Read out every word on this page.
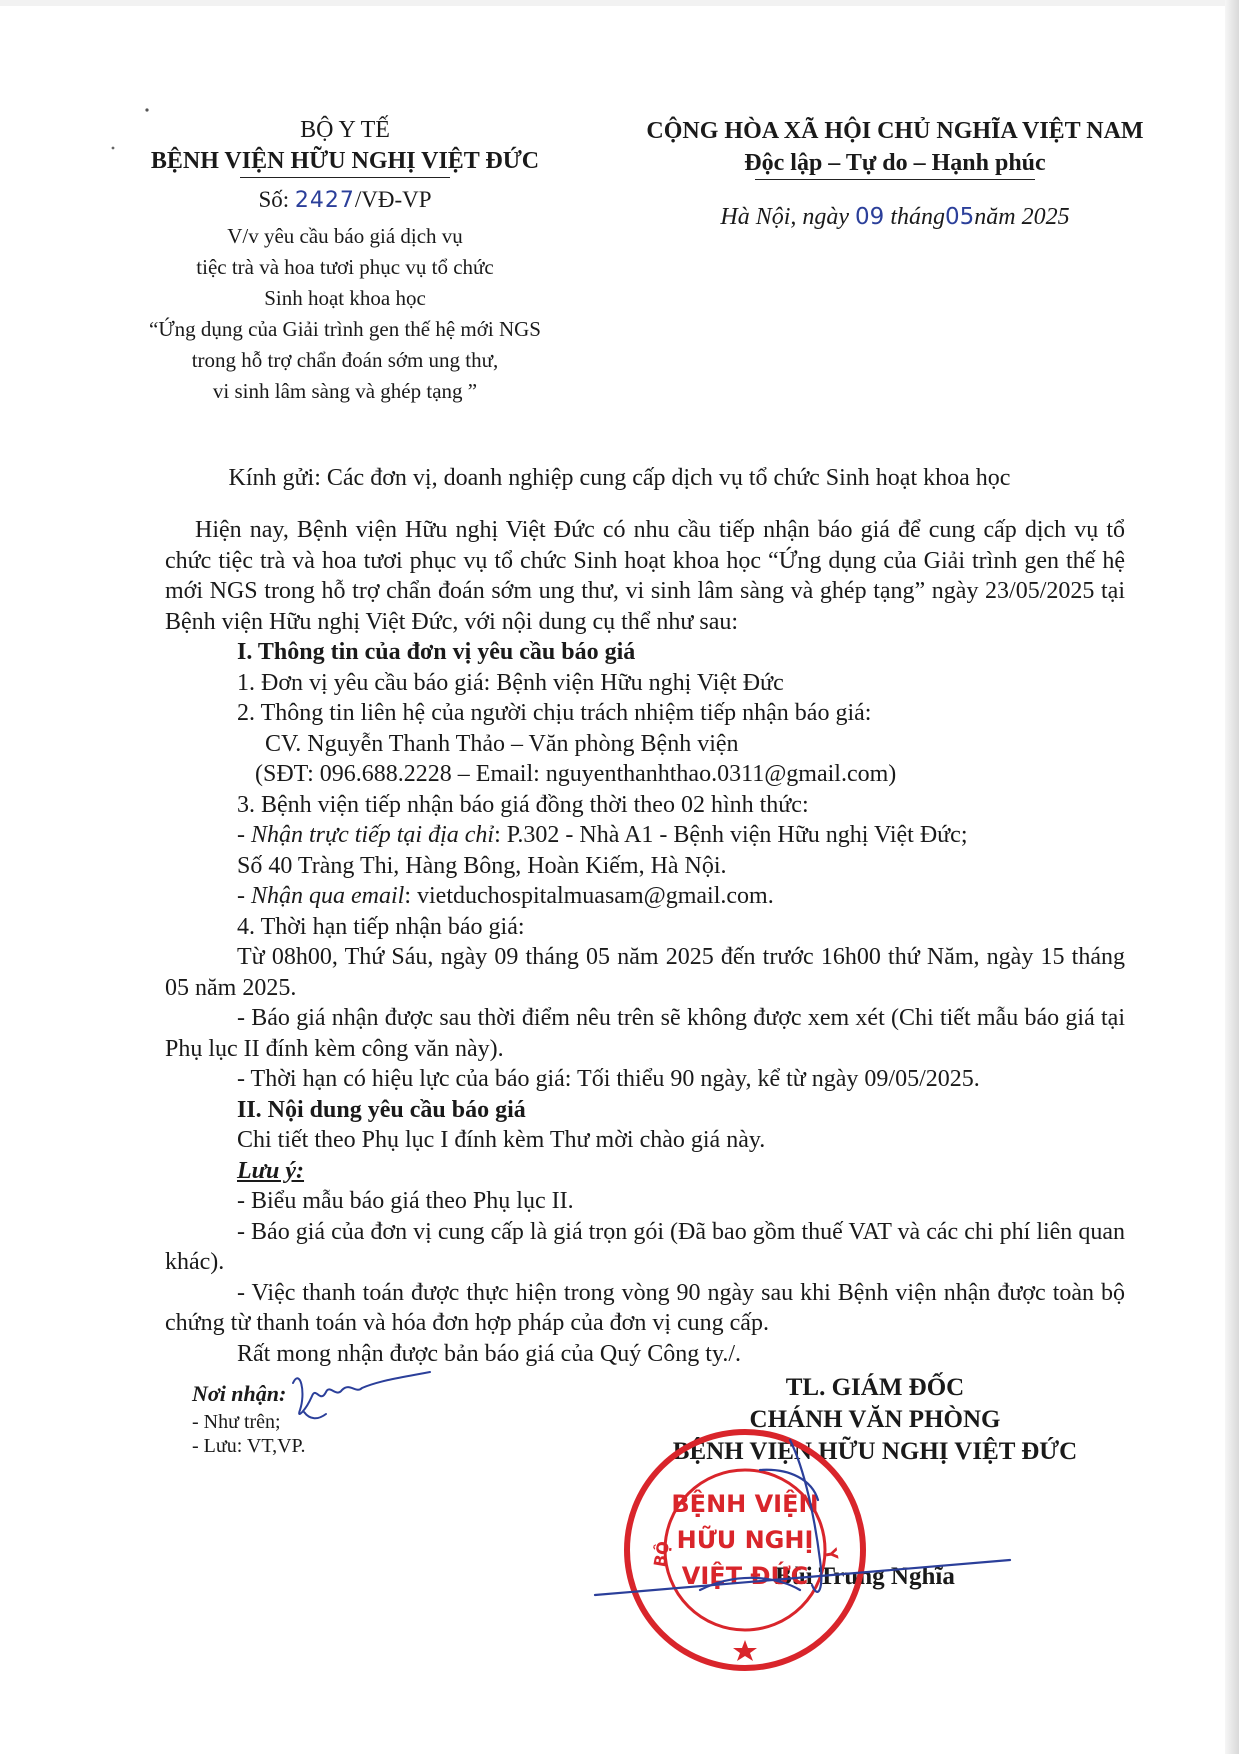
BỘ Y TẾ
BỆNH VIỆN HỮU NGHỊ VIỆT ĐỨC
Số: 2427/VĐ-VP
V/v yêu cầu báo giá dịch vụ
tiệc trà và hoa tươi phục vụ tổ chức
Sinh hoạt khoa học
“Ứng dụng của Giải trình gen thế hệ mới NGS
trong hỗ trợ chẩn đoán sớm ung thư,
vi sinh lâm sàng và ghép tạng ”
CỘNG HÒA XÃ HỘI CHỦ NGHĨA VIỆT NAM
Độc lập – Tự do – Hạnh phúc
Hà Nội, ngày 09 tháng05năm 2025
Kính gửi: Các đơn vị, doanh nghiệp cung cấp dịch vụ tổ chức Sinh hoạt khoa học

Hiện nay, Bệnh viện Hữu nghị Việt Đức có nhu cầu tiếp nhận báo giá để cung cấp dịch vụ tổ chức tiệc trà và hoa tươi phục vụ tổ chức Sinh hoạt khoa học “Ứng dụng của Giải trình gen thế hệ mới NGS trong hỗ trợ chẩn đoán sớm ung thư, vi sinh lâm sàng và ghép tạng” ngày 23/05/2025 tại Bệnh viện Hữu nghị Việt Đức, với nội dung cụ thể như sau:

I. Thông tin của đơn vị yêu cầu báo giá

1. Đơn vị yêu cầu báo giá: Bệnh viện Hữu nghị Việt Đức

2. Thông tin liên hệ của người chịu trách nhiệm tiếp nhận báo giá:

CV. Nguyễn Thanh Thảo – Văn phòng Bệnh viện

(SĐT: 096.688.2228 – Email: nguyenthanhthao.0311@gmail.com)

3. Bệnh viện tiếp nhận báo giá đồng thời theo 02 hình thức:

- Nhận trực tiếp tại địa chỉ: P.302 - Nhà A1 - Bệnh viện Hữu nghị Việt Đức;

Số 40 Tràng Thi, Hàng Bông, Hoàn Kiếm, Hà Nội.

- Nhận qua email: vietduchospitalmuasam@gmail.com.

4. Thời hạn tiếp nhận báo giá:

Từ 08h00, Thứ Sáu, ngày 09 tháng 05 năm 2025 đến trước 16h00 thứ Năm, ngày 15 tháng 05 năm 2025.

- Báo giá nhận được sau thời điểm nêu trên sẽ không được xem xét (Chi tiết mẫu báo giá tại Phụ lục II đính kèm công văn này).

- Thời hạn có hiệu lực của báo giá: Tối thiểu 90 ngày, kể từ ngày 09/05/2025.

II. Nội dung yêu cầu báo giá

Chi tiết theo Phụ lục I đính kèm Thư mời chào giá này.

Lưu ý:

- Biểu mẫu báo giá theo Phụ lục II.

- Báo giá của đơn vị cung cấp là giá trọn gói (Đã bao gồm thuế VAT và các chi phí liên quan khác).

- Việc thanh toán được thực hiện trong vòng 90 ngày sau khi Bệnh viện nhận được toàn bộ chứng từ thanh toán và hóa đơn hợp pháp của đơn vị cung cấp.

Rất mong nhận được bản báo giá của Quý Công ty./.

Nơi nhận:
- Như trên;
- Lưu: VT,VP.
TL. GIÁM ĐỐC
CHÁNH VĂN PHÒNG
BỆNH VIỆN HỮU NGHỊ VIỆT ĐỨC
Bùi Trung Nghĩa
BỆNH VIỆN
HỮU NGHỊ
VIỆT ĐỨC
BỘ	Y
